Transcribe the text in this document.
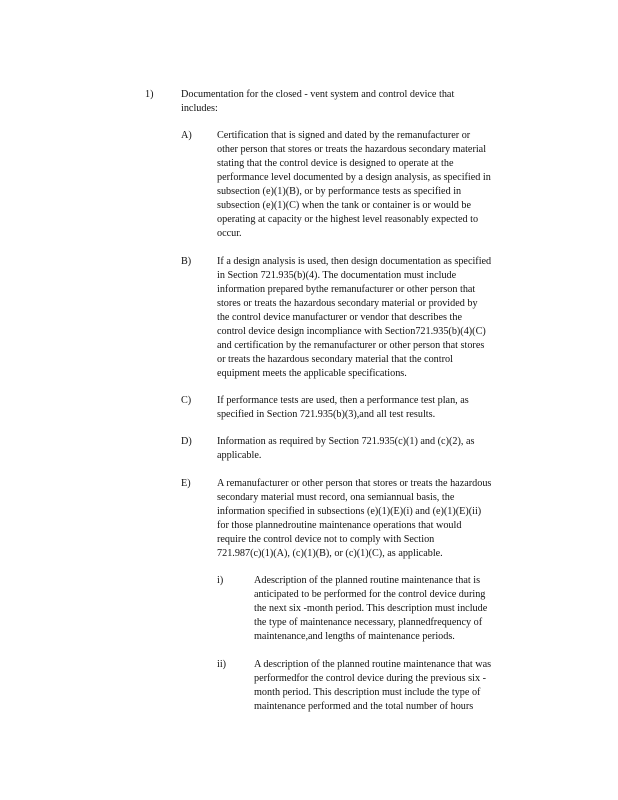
1)	Documentation for the closed - vent system and control device that
includes:
A) Certification that is signed and dated by the remanufacturer or
other person that stores or treats the hazardous secondary material
stating that the control device is designed to operate at the
performance level documented by a design analysis, as specified in
subsection (e)(1)(B), or by performance tests as specified in
subsection (e)(1)(C) when the tank or container is or would be
operating at capacity or the highest level reasonably expected to
occur.
B)	If a design analysis is used, then design documentation as specified
in Section 721.935(b)(4). The documentation must include
information prepared bythe remanufacturer or other person that
stores or treats the hazardous secondary material or provided by
the control device manufacturer or vendor that describes the
control device design incompliance with Section721.935(b)(4)(C)
and certification by the remanufacturer or other person that stores
or treats the hazardous secondary material that the control
equipment meets the applicable specifications.
C)	If performance tests are used, then a performance test plan, as
specified in Section 721.935(b)(3),and all test results.
D) Information as required by Section 721.935(c)(1) and (c)(2), as
applicable.
E)	A remanufacturer or other person that stores or treats the hazardous
secondary material must record, ona semiannual basis, the
information specified in subsections (e)(1)(E)(i) and (e)(1)(E)(ii)
for those plannedroutine maintenance operations that would
require the control device not to comply with Section
721.987(c)(1)(A), (c)(1)(B), or (c)(1)(C), as applicable.
i)	Adescription of the planned routine maintenance that is
anticipated to be performed for the control device during
the next six -month period. This description must include
the type of maintenance necessary, plannedfrequency of
maintenance,and lengths of maintenance periods.
ii)	A description of the planned routine maintenance that was
performedfor the control device during the previous six -
month period. This description must include the type of
maintenance performed and the total number of hours
